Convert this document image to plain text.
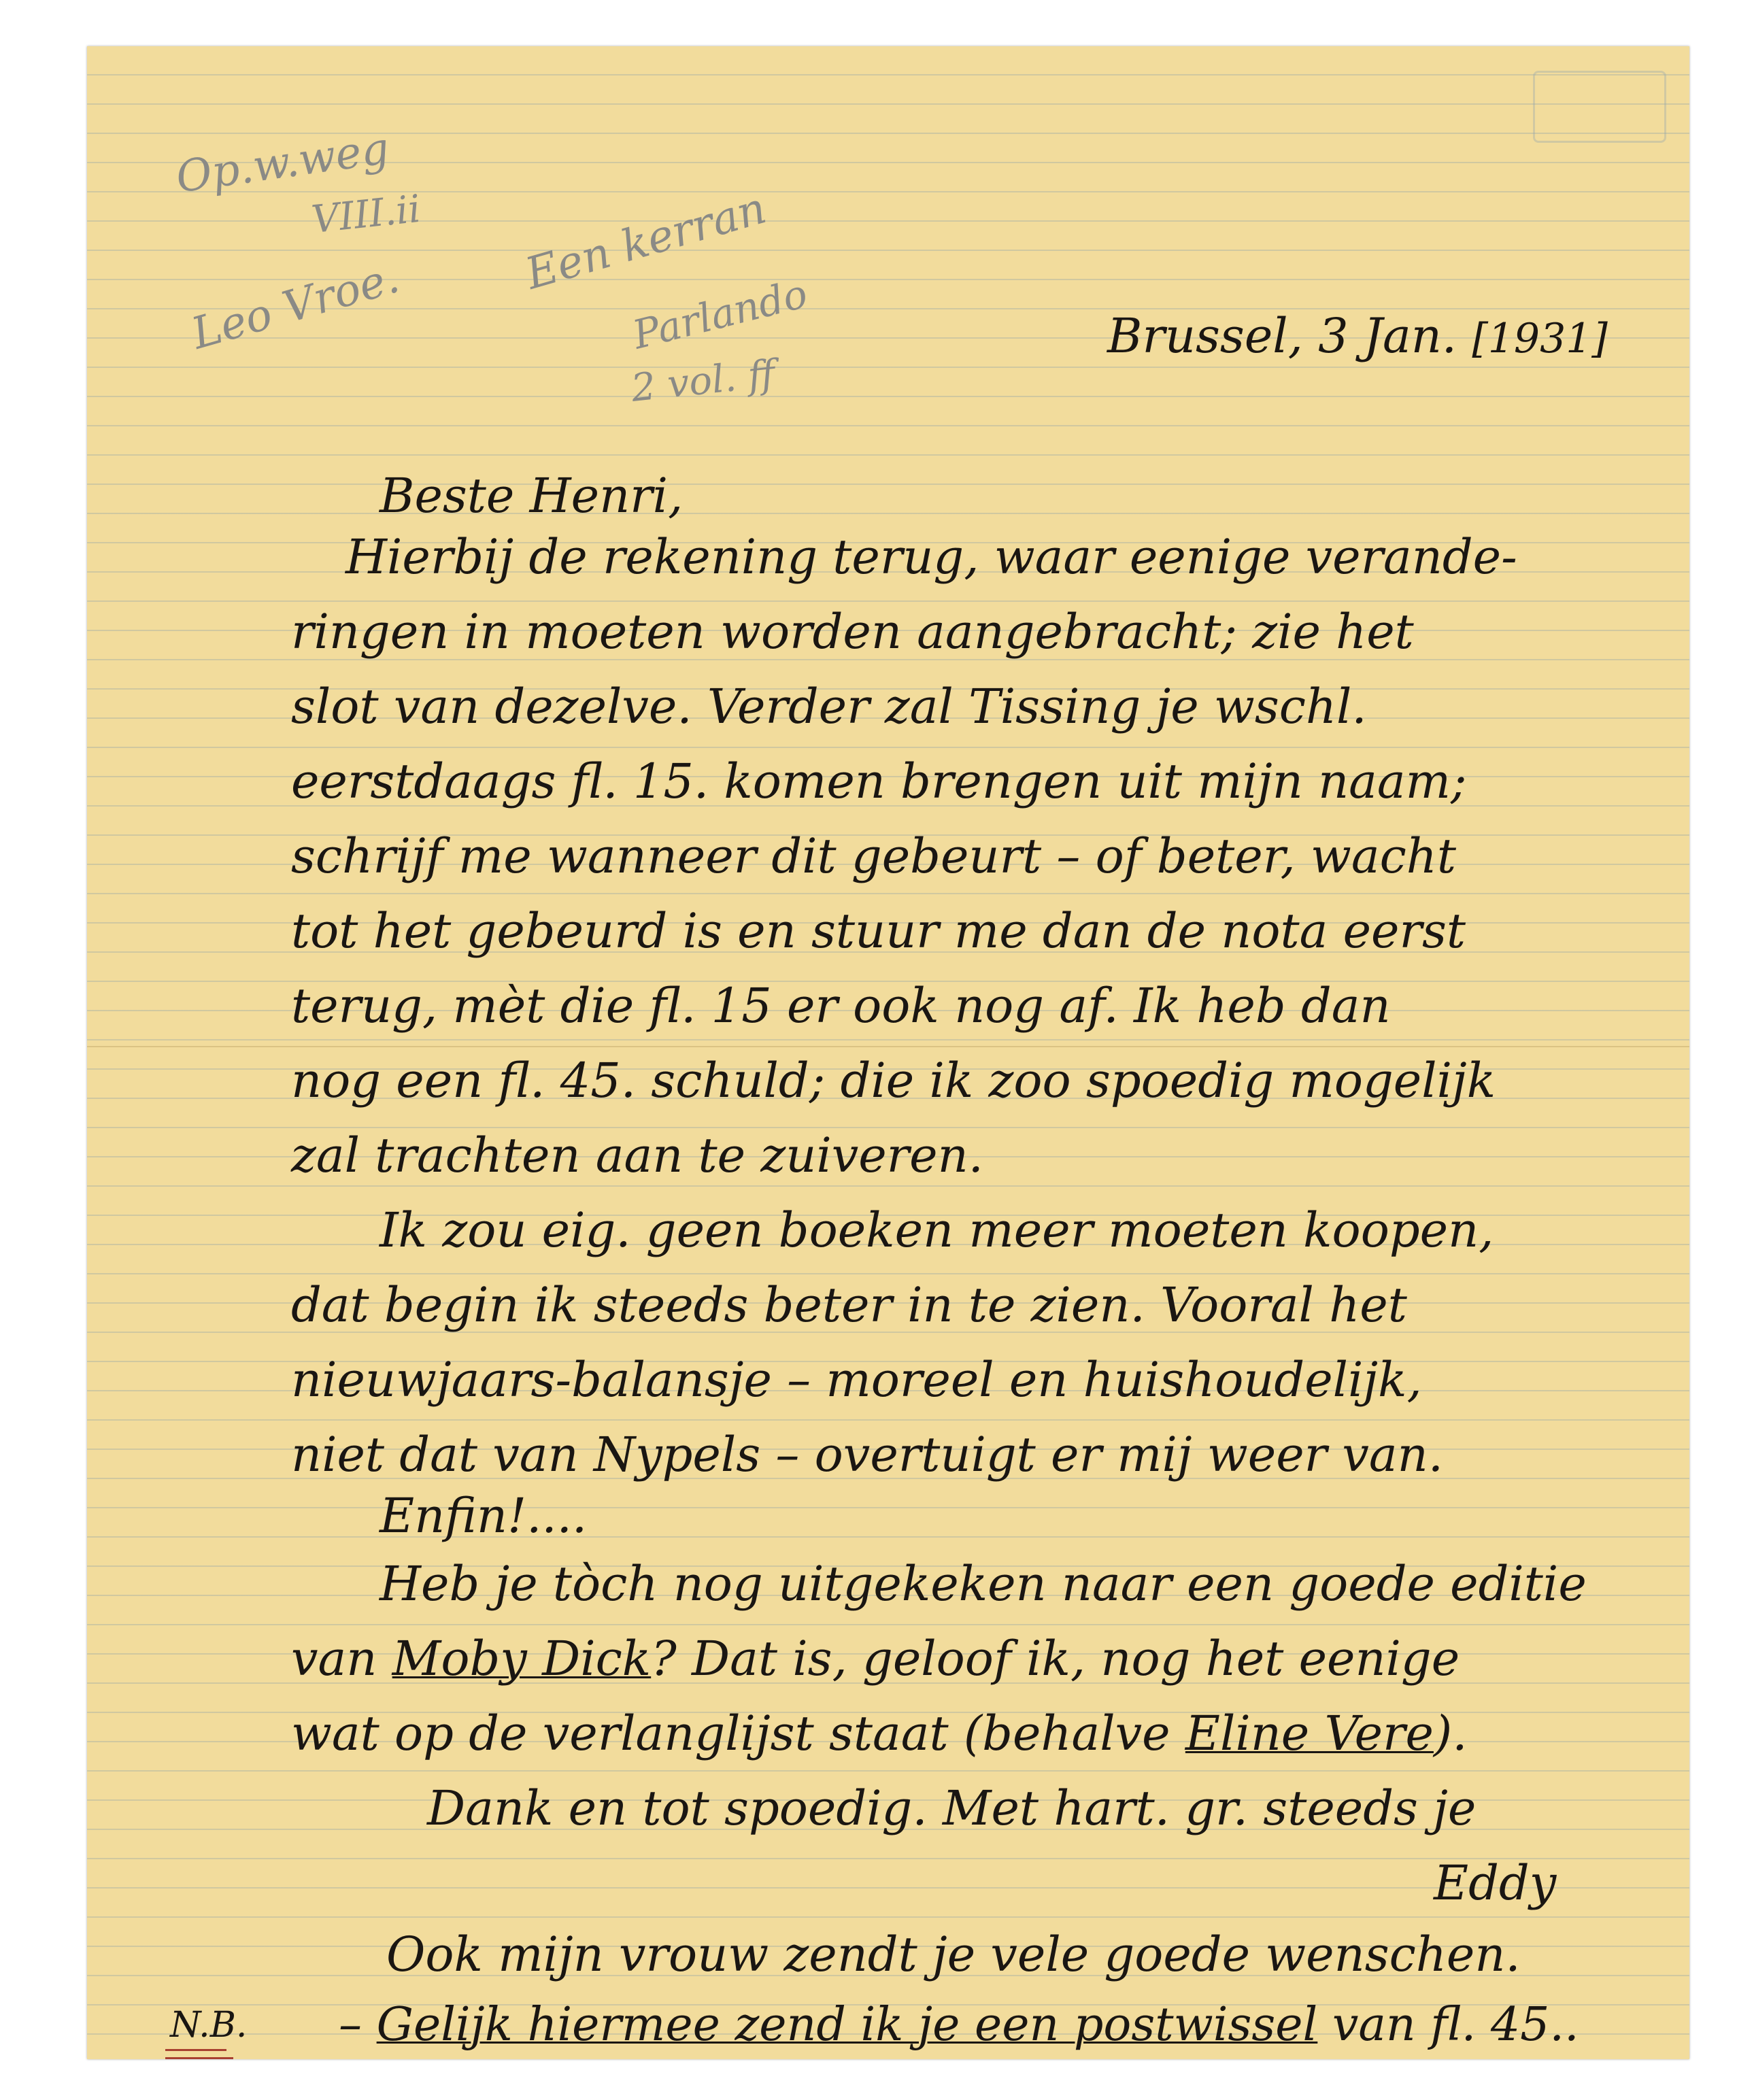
Op.w.weg
VIII.ii
Leo Vroe.
Een kerran
Parlando
2 vol. ff
Brussel, 3 Jan. [1931]
Beste Henri,
Hierbij de rekening terug, waar eenige verande-
ringen in moeten worden aangebracht; zie het
slot van dezelve. Verder zal Tissing je wschl.
eerstdaags fl. 15. komen brengen uit mijn naam;
schrijf me wanneer dit gebeurt – of beter, wacht
tot het gebeurd is en stuur me dan de nota eerst
terug, mèt die fl. 15 er ook nog af. Ik heb dan
nog een fl. 45. schuld; die ik zoo spoedig mogelijk
zal trachten aan te zuiveren.
Ik zou eig. geen boeken meer moeten koopen,
dat begin ik steeds beter in te zien. Vooral het
nieuwjaars-balansje – moreel en huishoudelijk,
niet dat van Nypels – overtuigt er mij weer van.
Enfin!....
Heb je tòch nog uitgekeken naar een goede editie
van Moby Dick? Dat is, geloof ik, nog het eenige
wat op de verlanglijst staat (behalve Eline Vere).
Dank en tot spoedig. Met hart. gr. steeds je
Eddy
Ook mijn vrouw zendt je vele goede wenschen.
N.B. – Gelijk hiermee zend ik je een postwissel van fl. 45..
